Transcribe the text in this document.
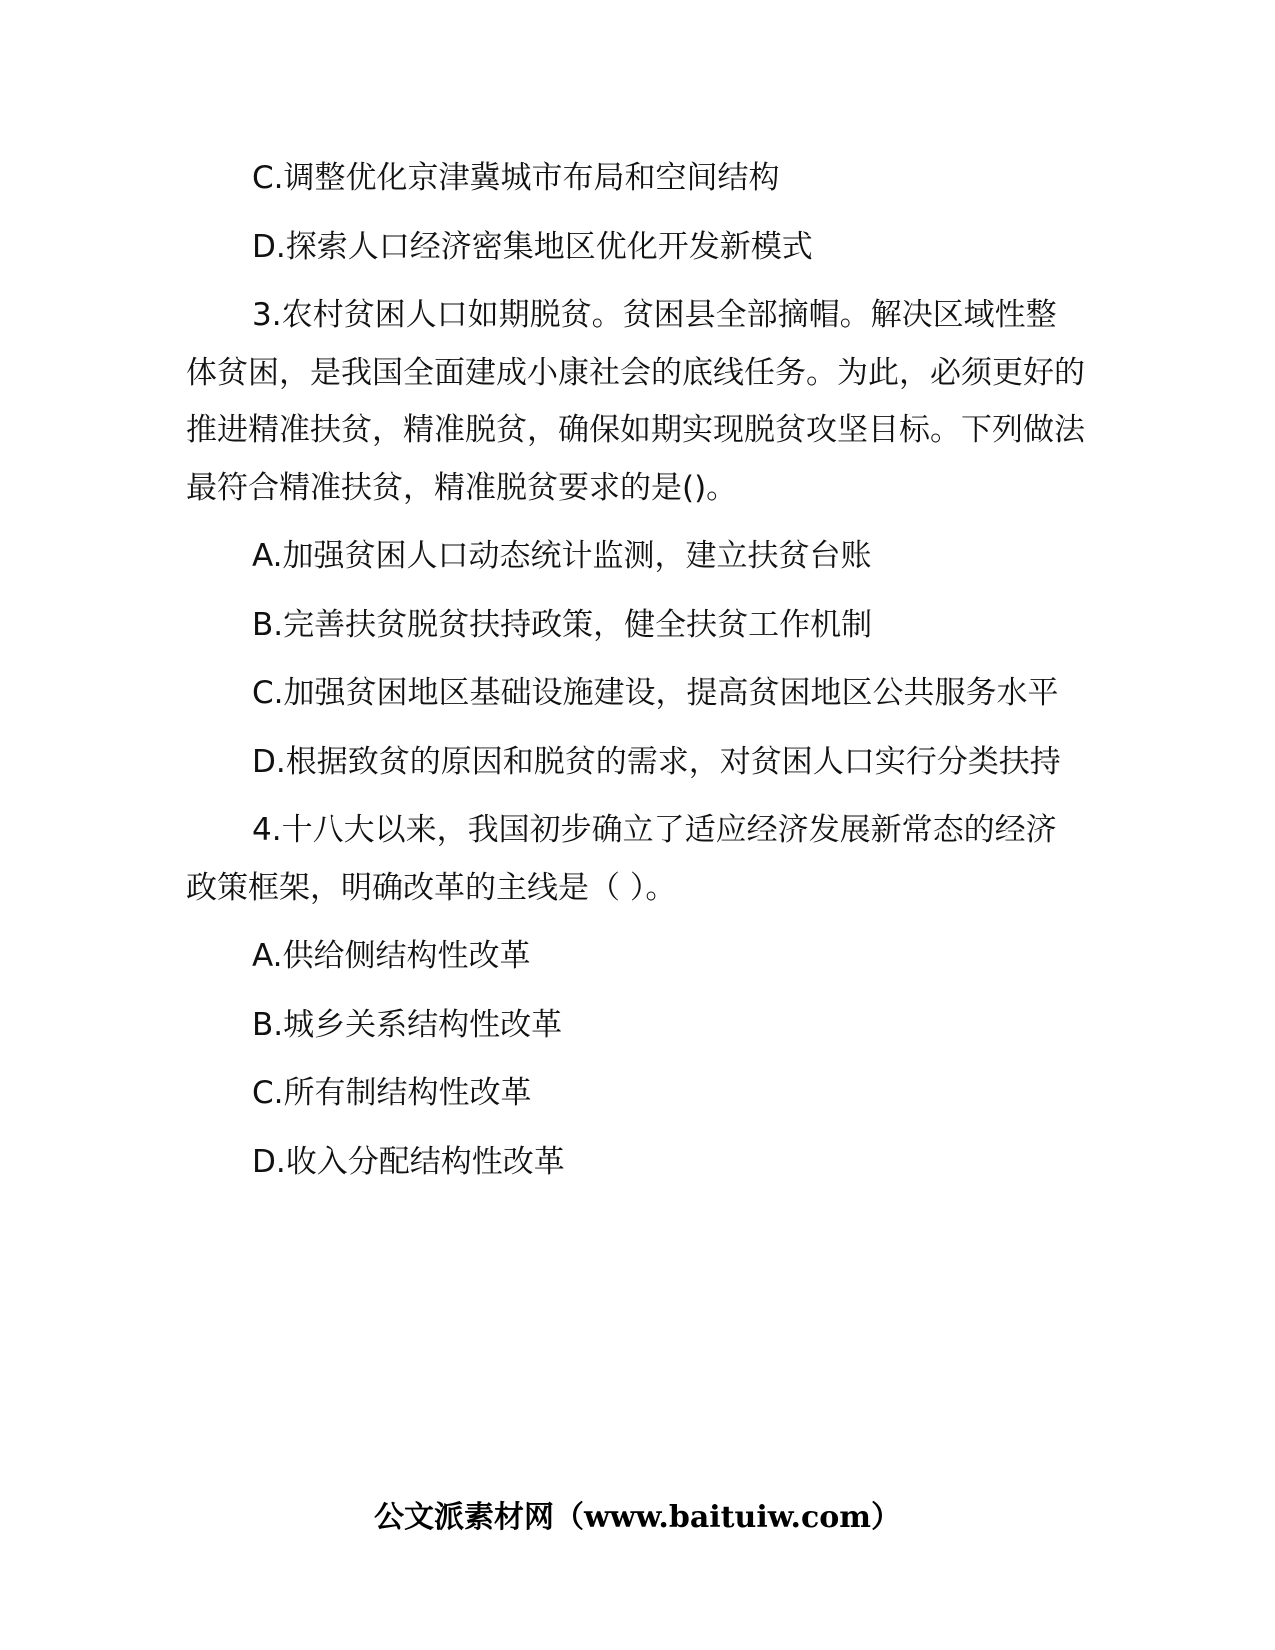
C.调整优化京津冀城市布局和空间结构

D.探索人口经济密集地区优化开发新模式

3.农村贫困人口如期脱贫。贫困县全部摘帽。解决区域性整体贫困，是我国全面建成小康社会的底线任务。为此，必须更好的推进精准扶贫，精准脱贫，确保如期实现脱贫攻坚目标。下列做法最符合精准扶贫，精准脱贫要求的是()。

A.加强贫困人口动态统计监测，建立扶贫台账

B.完善扶贫脱贫扶持政策，健全扶贫工作机制

C.加强贫困地区基础设施建设，提高贫困地区公共服务水平

D.根据致贫的原因和脱贫的需求，对贫困人口实行分类扶持

4.十八大以来，我国初步确立了适应经济发展新常态的经济政策框架，明确改革的主线是（ ）。

A.供给侧结构性改革

B.城乡关系结构性改革

C.所有制结构性改革

D.收入分配结构性改革

公文派素材网（www.baituiw.com）
